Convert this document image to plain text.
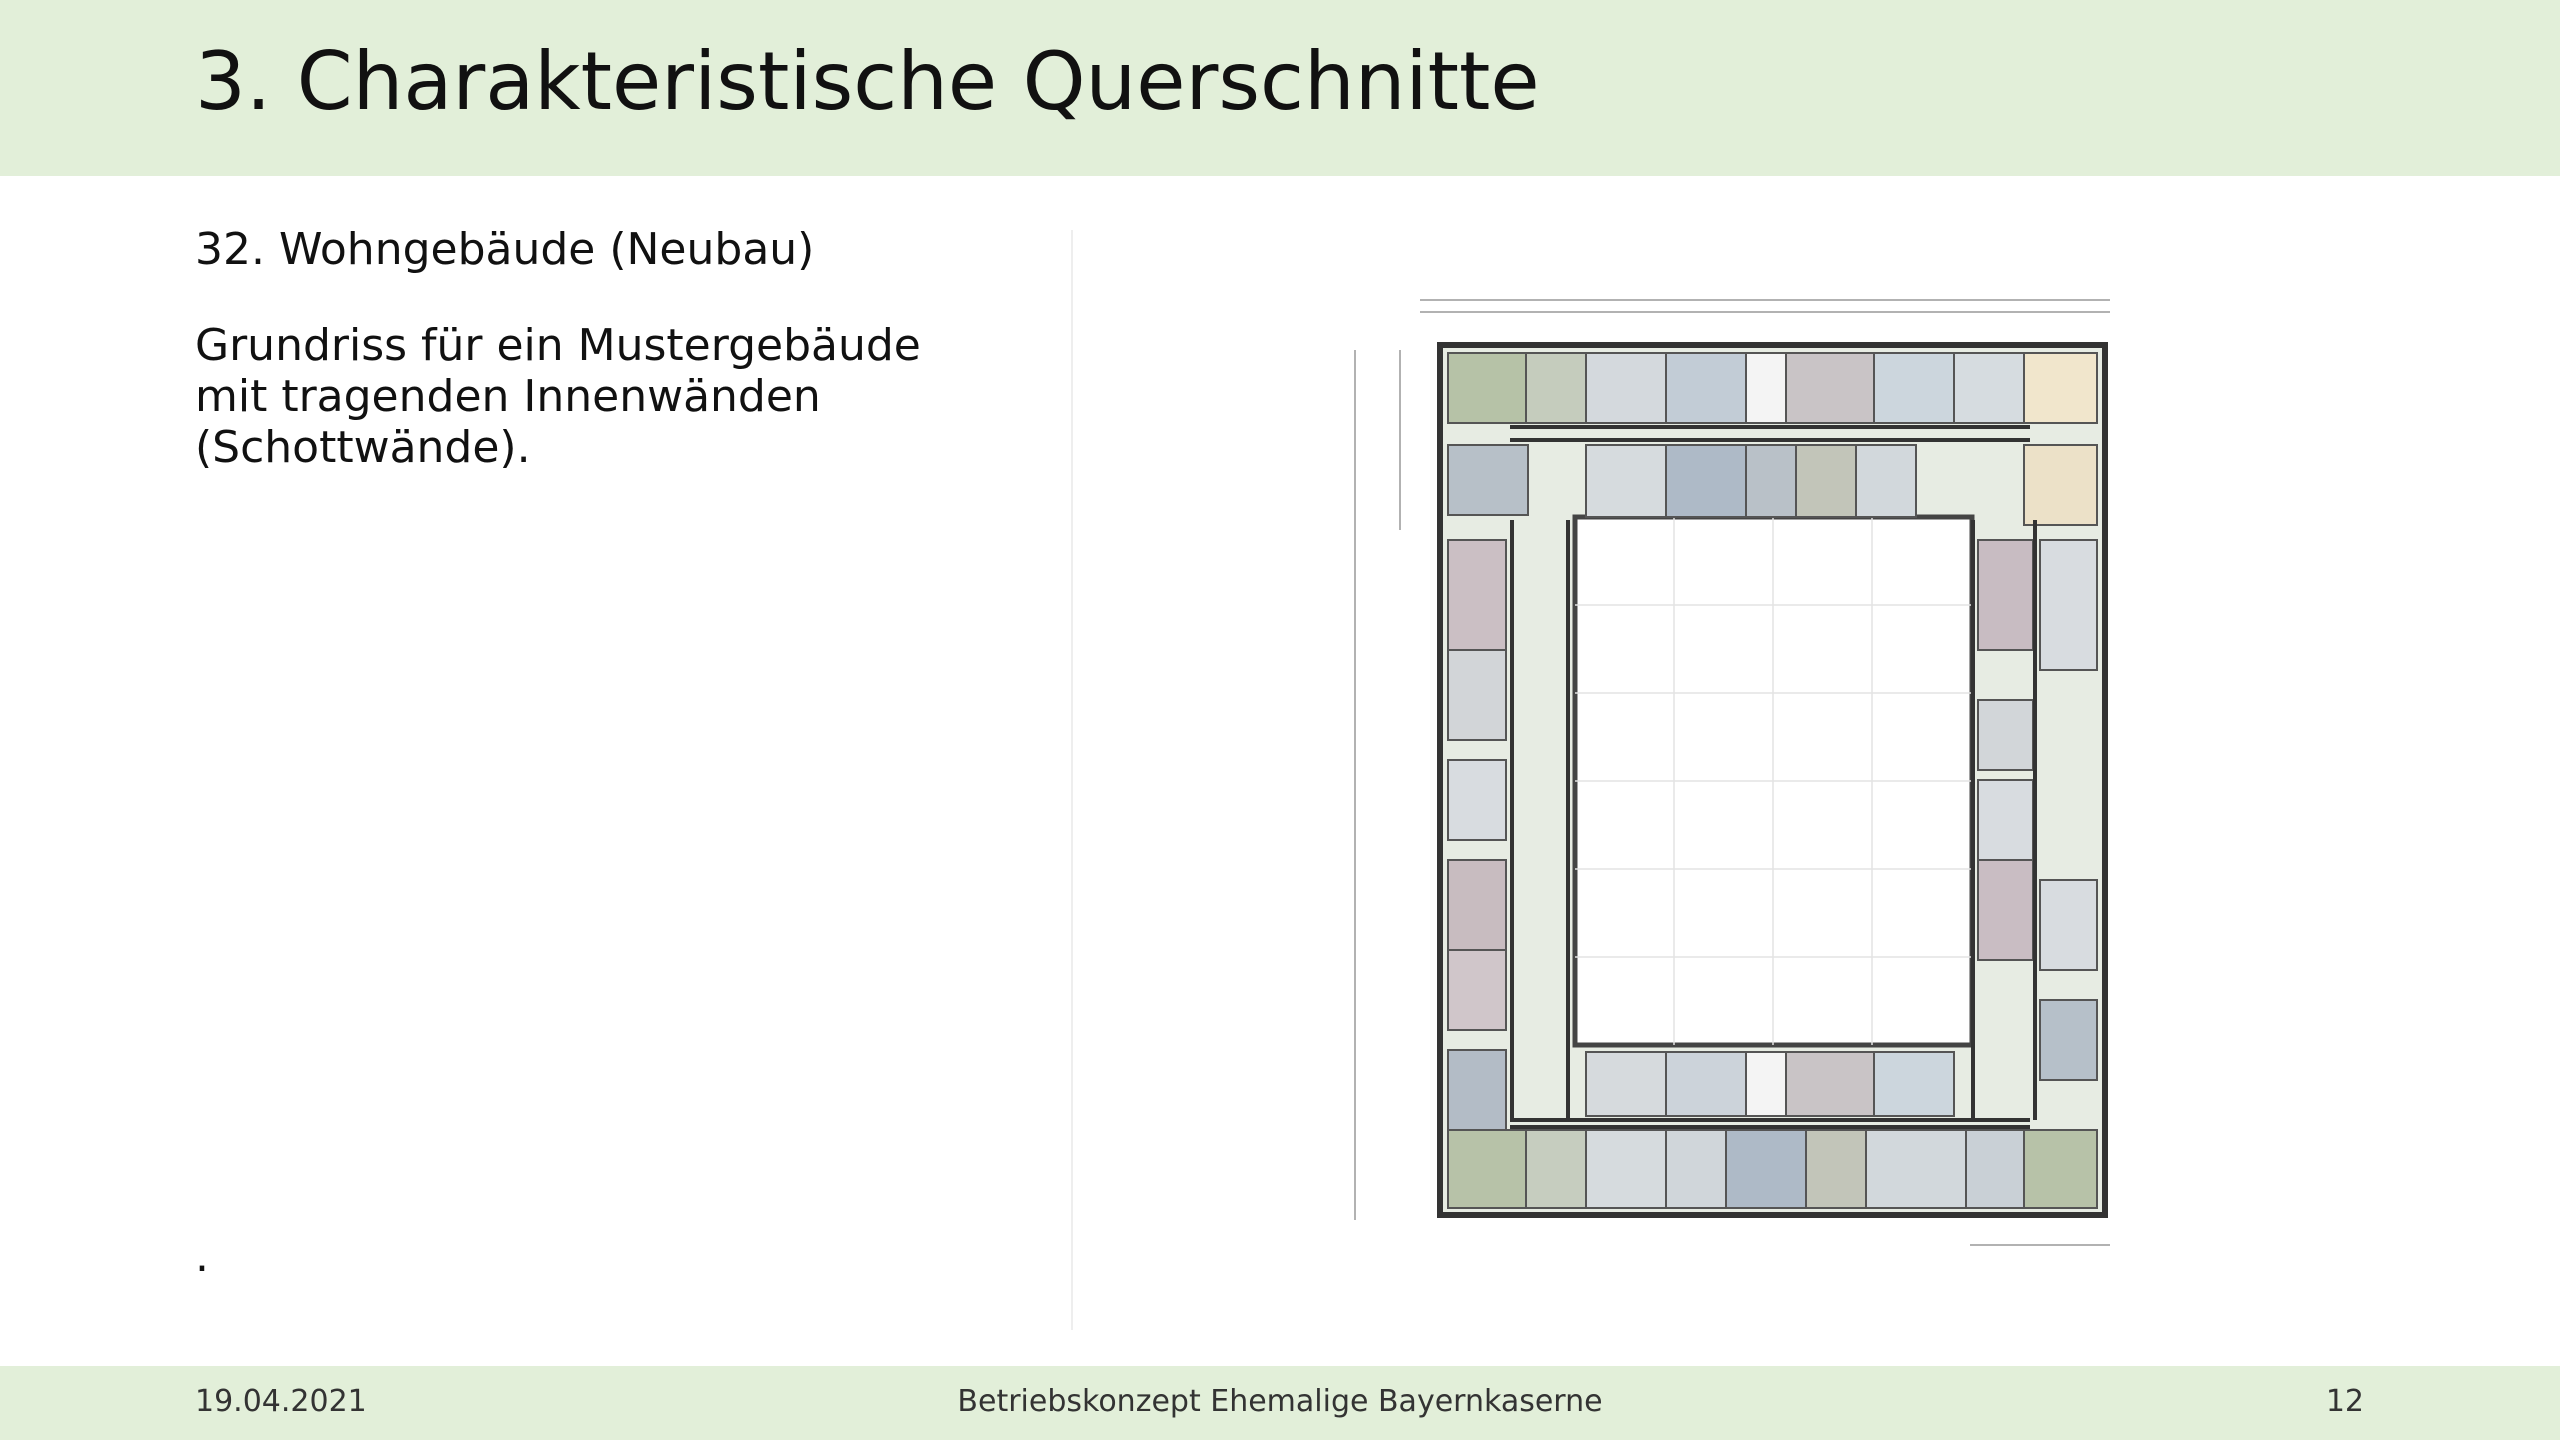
3. Charakteristische Querschnitte
32. Wohngebäude (Neubau)
Grundriss für ein Mustergebäude
mit tragenden Innenwänden
(Schottwände).
.
19.04.2021	Betriebskonzept Ehemalige Bayernkaserne	12
